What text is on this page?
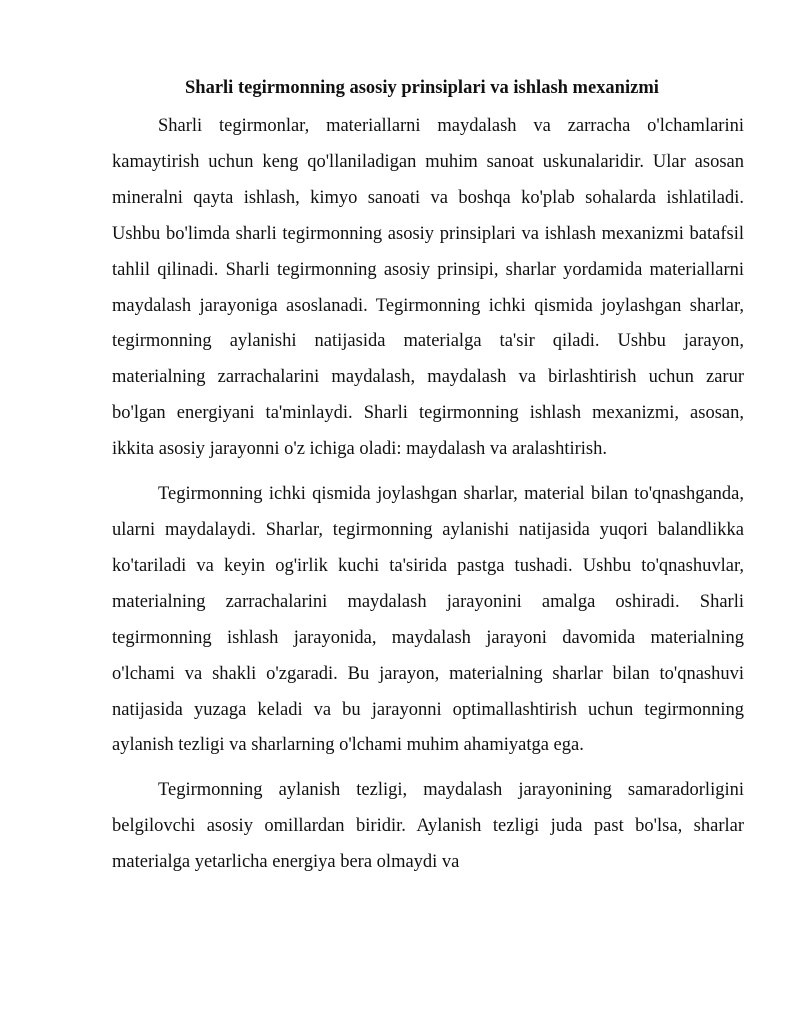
Sharli tegirmonning asosiy prinsiplari va ishlash mexanizmi

Sharli tegirmonlar, materiallarni maydalash va zarracha o'lchamlarini kamaytirish uchun keng qo'llaniladigan muhim sanoat uskunalaridir. Ular asosan mineralni qayta ishlash, kimyo sanoati va boshqa ko'plab sohalarda ishlatiladi. Ushbu bo'limda sharli tegirmonning asosiy prinsiplari va ishlash mexanizmi batafsil tahlil qilinadi. Sharli tegirmonning asosiy prinsipi, sharlar yordamida materiallarni maydalash jarayoniga asoslanadi. Tegirmonning ichki qismida joylashgan sharlar, tegirmonning aylanishi natijasida materialga ta'sir qiladi. Ushbu jarayon, materialning zarrachalarini maydalash, maydalash va birlashtirish uchun zarur bo'lgan energiyani ta'minlaydi. Sharli tegirmonning ishlash mexanizmi, asosan, ikkita asosiy jarayonni o'z ichiga oladi: maydalash va aralashtirish.

Tegirmonning ichki qismida joylashgan sharlar, material bilan to'qnashganda, ularni maydalaydi. Sharlar, tegirmonning aylanishi natijasida yuqori balandlikka ko'tariladi va keyin og'irlik kuchi ta'sirida pastga tushadi. Ushbu to'qnashuvlar, materialning zarrachalarini maydalash jarayonini amalga oshiradi. Sharli tegirmonning ishlash jarayonida, maydalash jarayoni davomida materialning o'lchami va shakli o'zgaradi. Bu jarayon, materialning sharlar bilan to'qnashuvi natijasida yuzaga keladi va bu jarayonni optimallashtirish uchun tegirmonning aylanish tezligi va sharlarning o'lchami muhim ahamiyatga ega.

Tegirmonning aylanish tezligi, maydalash jarayonining samaradorligini belgilovchi asosiy omillardan biridir. Aylanish tezligi juda past bo'lsa, sharlar materialga yetarlicha energiya bera olmaydi va
